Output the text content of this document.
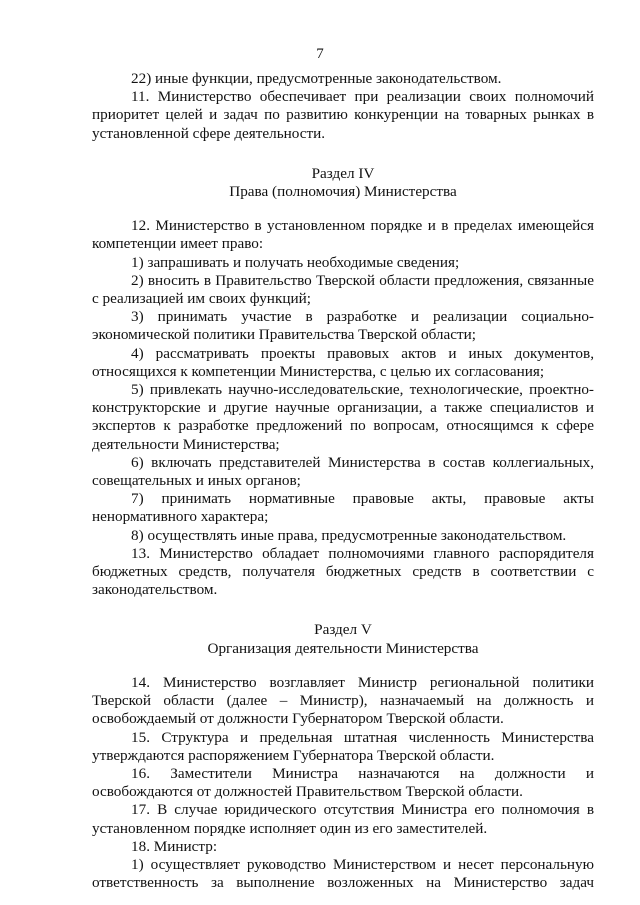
7

22) иные функции, предусмотренные законодательством.

11. Министерство обеспечивает при реализации своих полномочий приоритет целей и задач по развитию конкуренции на товарных рынках в установленной сфере деятельности.

Раздел IV

Права (полномочия) Министерства

12. Министерство в установленном порядке и в пределах имеющейся компетенции имеет право:

1) запрашивать и получать необходимые сведения;

2) вносить в Правительство Тверской области предложения, связанные с реализацией им своих функций;

3) принимать участие в разработке и реализации социально-экономической политики Правительства Тверской области;

4) рассматривать проекты правовых актов и иных документов, относящихся к компетенции Министерства, с целью их согласования;

5) привлекать научно-исследовательские, технологические, проектно-конструкторские и другие научные организации, а также специалистов и экспертов к разработке предложений по вопросам, относящимся к сфере деятельности Министерства;

6) включать представителей Министерства в состав коллегиальных, совещательных и иных органов;

7) принимать нормативные правовые акты, правовые акты ненормативного характера;

8) осуществлять иные права, предусмотренные законодательством.

13. Министерство обладает полномочиями главного распорядителя бюджетных средств, получателя бюджетных средств в соответствии с законодательством.

Раздел V

Организация деятельности Министерства

14. Министерство возглавляет Министр региональной политики Тверской области (далее – Министр), назначаемый на должность и освобождаемый от должности Губернатором Тверской области.

15. Структура и предельная штатная численность Министерства утверждаются распоряжением Губернатора Тверской области.

16. Заместители Министра назначаются на должности и освобождаются от должностей Правительством Тверской области.

17. В случае юридического отсутствия Министра его полномочия в установленном порядке исполняет один из его заместителей.

18. Министр:

1) осуществляет руководство Министерством и несет персональную ответственность за выполнение возложенных на Министерство задач
